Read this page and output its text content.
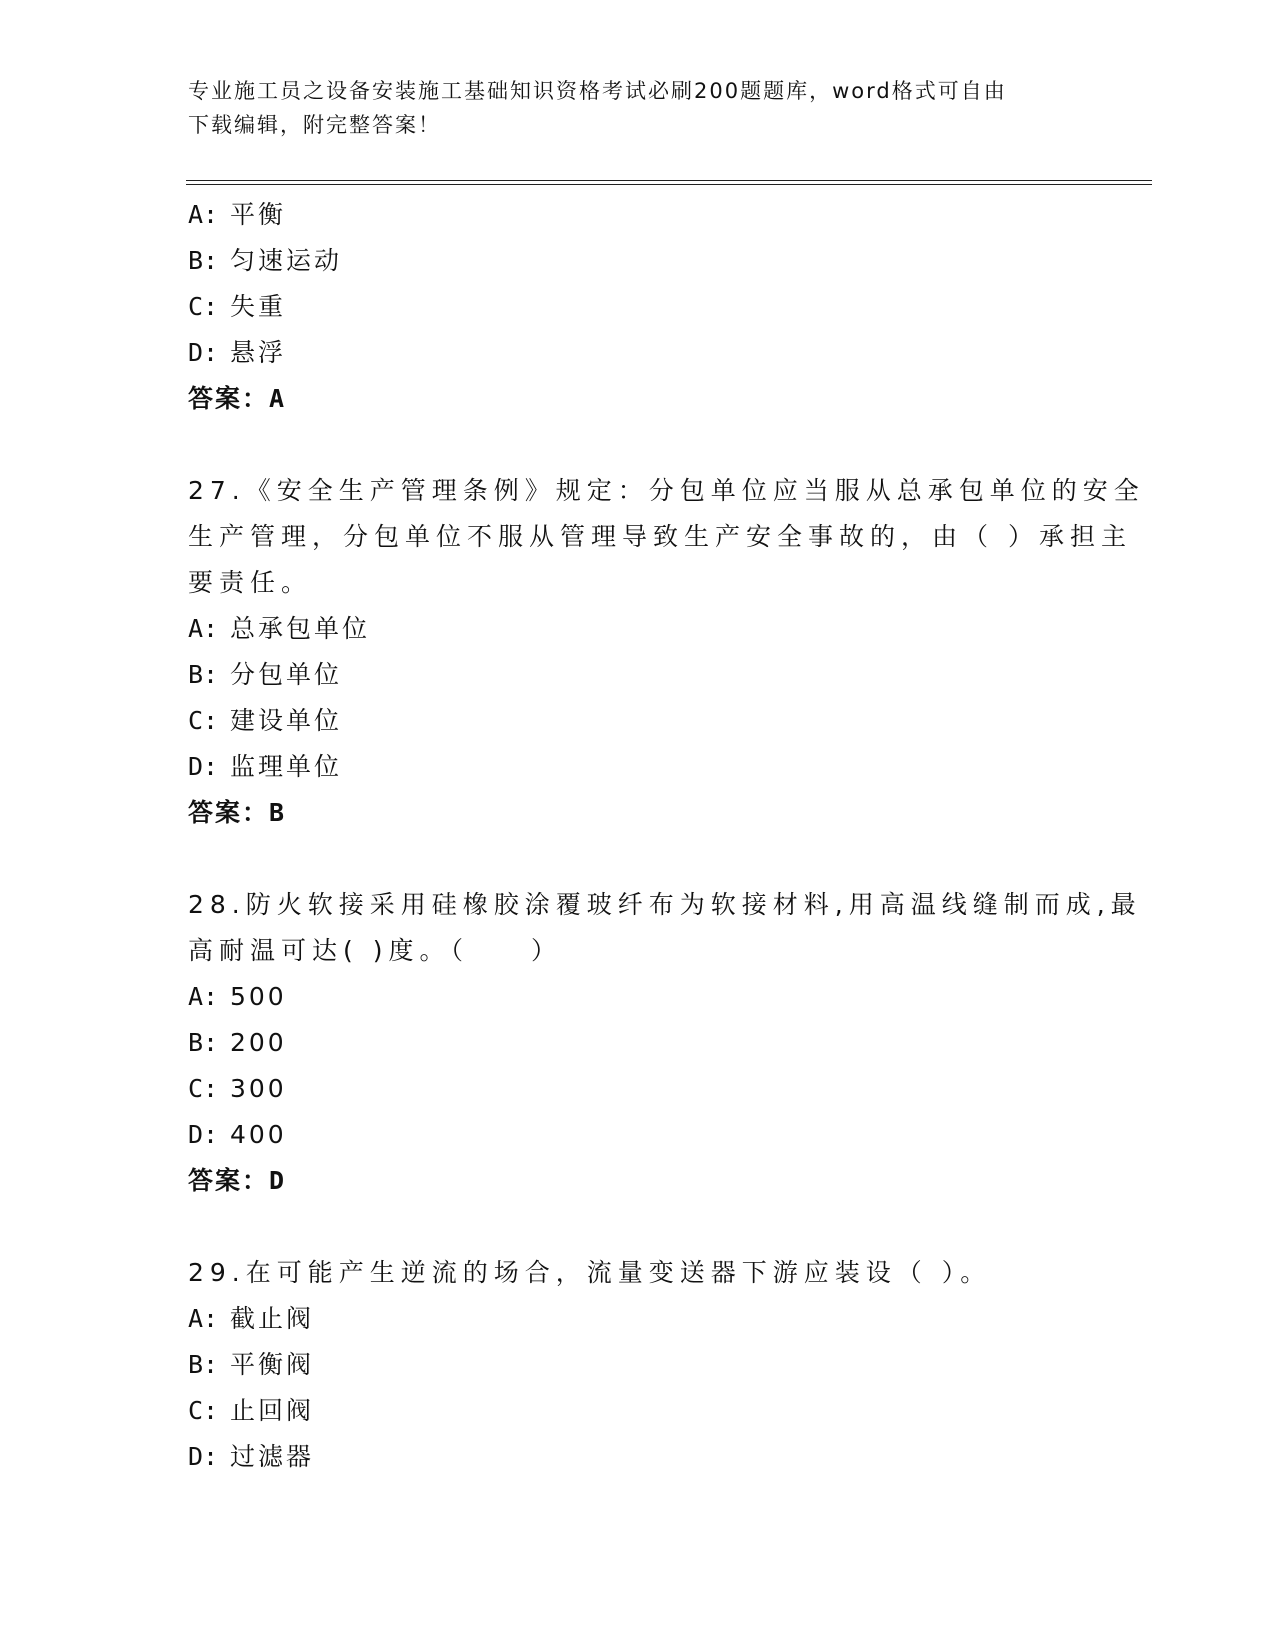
专业施工员之设备安装施工基础知识资格考试必刷200题题库，word格式可自由
下载编辑，附完整答案！
A: 平衡
B: 匀速运动
C: 失重
D: 悬浮
答案：A
27.《安全生产管理条例》规定：分包单位应当服从总承包单位的安全
生产管理，分包单位不服从管理导致生产安全事故的，由（ ）承担主
要责任。
A: 总承包单位
B: 分包单位
C: 建设单位
D: 监理单位
答案：B
28.防火软接采用硅橡胶涂覆玻纤布为软接材料,用高温线缝制而成,最
高耐温可达( )度。（　　）
A: 500
B: 200
C: 300
D: 400
答案：D
29.在可能产生逆流的场合，流量变送器下游应装设（ ）。
A: 截止阀
B: 平衡阀
C: 止回阀
D: 过滤器
